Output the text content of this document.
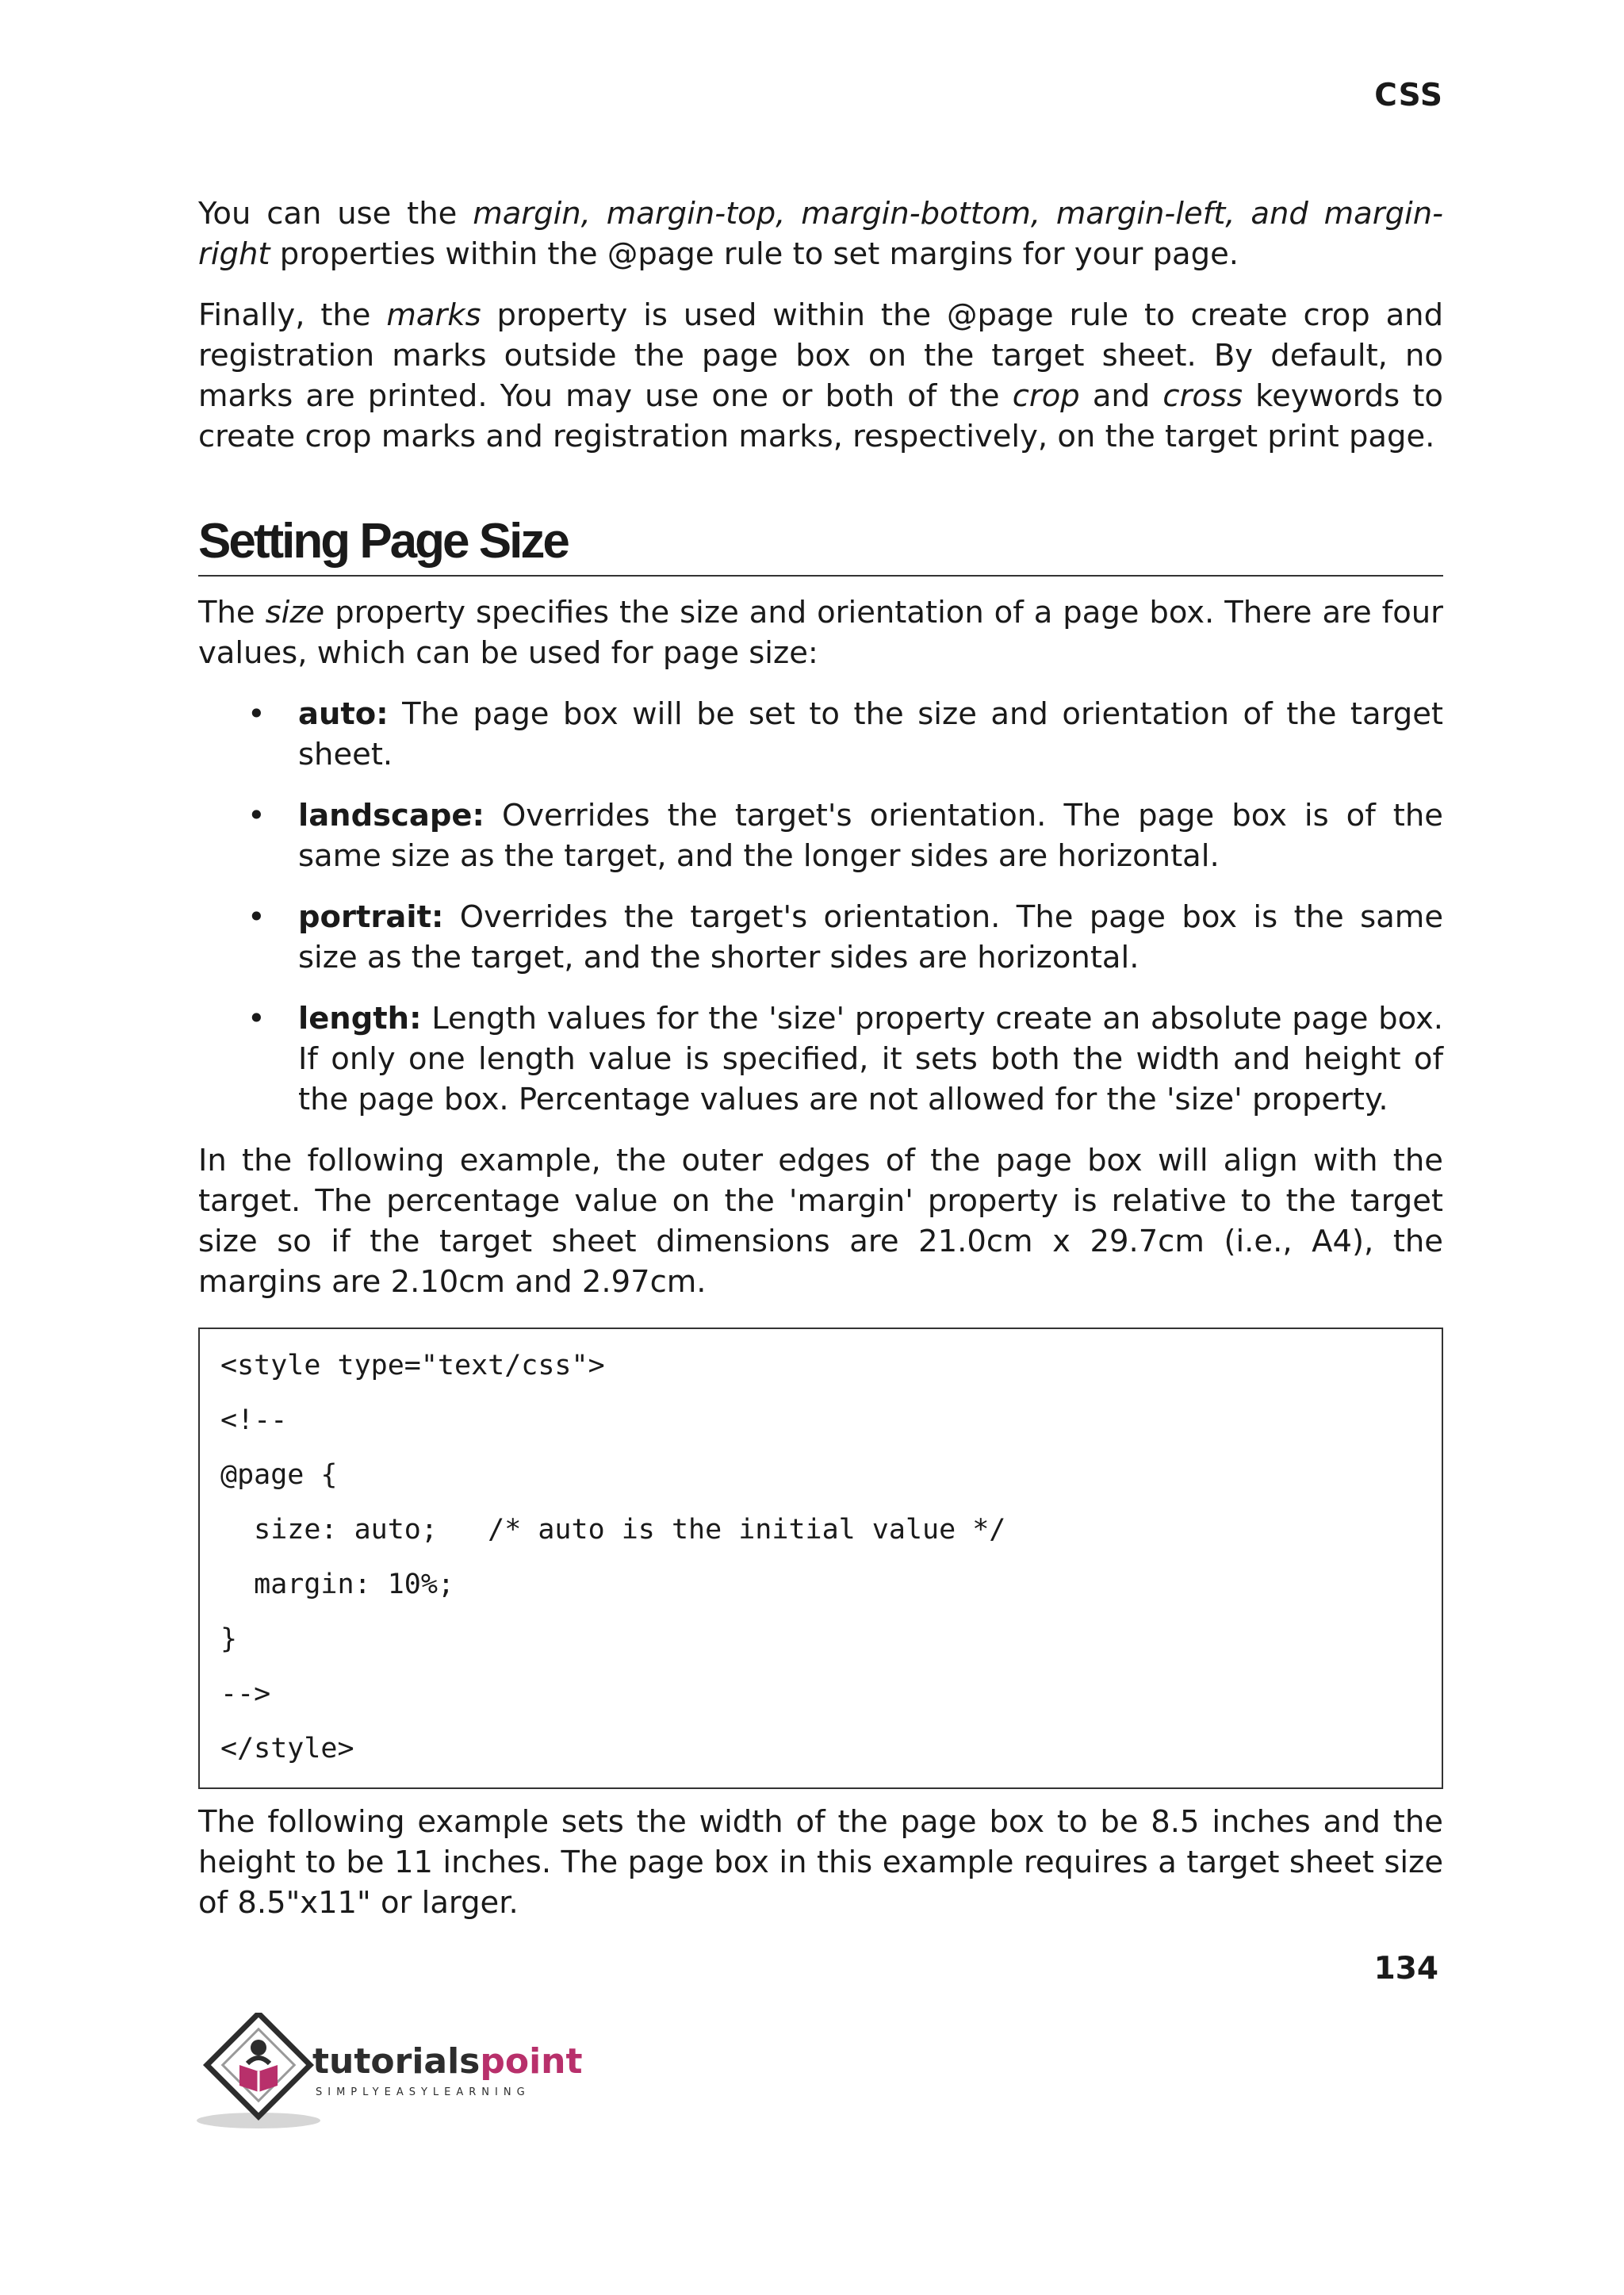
CSS

You can use the margin, margin-top, margin-bottom, margin-left, and margin-right properties within the @page rule to set margins for your page.

Finally, the marks property is used within the @page rule to create crop and registration marks outside the page box on the target sheet. By default, no marks are printed. You may use one or both of the crop and cross keywords to create crop marks and registration marks, respectively, on the target print page.

Setting Page Size

The size property specifies the size and orientation of a page box. There are four values, which can be used for page size:

• auto: The page box will be set to the size and orientation of the target sheet.
• landscape: Overrides the target's orientation. The page box is of the same size as the target, and the longer sides are horizontal.
• portrait: Overrides the target's orientation. The page box is the same size as the target, and the shorter sides are horizontal.
• length: Length values for the 'size' property create an absolute page box. If only one length value is specified, it sets both the width and height of the page box. Percentage values are not allowed for the 'size' property.

In the following example, the outer edges of the page box will align with the target. The percentage value on the 'margin' property is relative to the target size so if the target sheet dimensions are 21.0cm x 29.7cm (i.e., A4), the margins are 2.10cm and 2.97cm.

<style type="text/css">
<!--
@page {
size: auto;   /* auto is the initial value */
margin: 10%;
}
-->
</style>

The following example sets the width of the page box to be 8.5 inches and the height to be 11 inches. The page box in this example requires a target sheet size of 8.5"x11" or larger.

134
tutorialspoint
SIMPLYEASYLEARNING
